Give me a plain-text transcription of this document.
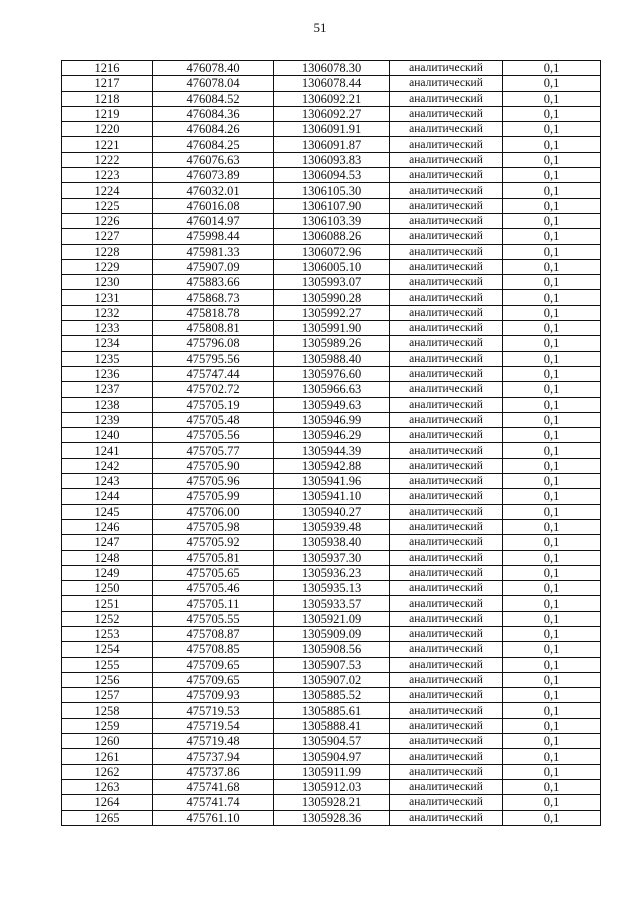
51
1216	476078.40	1306078.30	аналитический	0,1
1217	476078.04	1306078.44	аналитический	0,1
1218	476084.52	1306092.21	аналитический	0,1
1219	476084.36	1306092.27	аналитический	0,1
1220	476084.26	1306091.91	аналитический	0,1
1221	476084.25	1306091.87	аналитический	0,1
1222	476076.63	1306093.83	аналитический	0,1
1223	476073.89	1306094.53	аналитический	0,1
1224	476032.01	1306105.30	аналитический	0,1
1225	476016.08	1306107.90	аналитический	0,1
1226	476014.97	1306103.39	аналитический	0,1
1227	475998.44	1306088.26	аналитический	0,1
1228	475981.33	1306072.96	аналитический	0,1
1229	475907.09	1306005.10	аналитический	0,1
1230	475883.66	1305993.07	аналитический	0,1
1231	475868.73	1305990.28	аналитический	0,1
1232	475818.78	1305992.27	аналитический	0,1
1233	475808.81	1305991.90	аналитический	0,1
1234	475796.08	1305989.26	аналитический	0,1
1235	475795.56	1305988.40	аналитический	0,1
1236	475747.44	1305976.60	аналитический	0,1
1237	475702.72	1305966.63	аналитический	0,1
1238	475705.19	1305949.63	аналитический	0,1
1239	475705.48	1305946.99	аналитический	0,1
1240	475705.56	1305946.29	аналитический	0,1
1241	475705.77	1305944.39	аналитический	0,1
1242	475705.90	1305942.88	аналитический	0,1
1243	475705.96	1305941.96	аналитический	0,1
1244	475705.99	1305941.10	аналитический	0,1
1245	475706.00	1305940.27	аналитический	0,1
1246	475705.98	1305939.48	аналитический	0,1
1247	475705.92	1305938.40	аналитический	0,1
1248	475705.81	1305937.30	аналитический	0,1
1249	475705.65	1305936.23	аналитический	0,1
1250	475705.46	1305935.13	аналитический	0,1
1251	475705.11	1305933.57	аналитический	0,1
1252	475705.55	1305921.09	аналитический	0,1
1253	475708.87	1305909.09	аналитический	0,1
1254	475708.85	1305908.56	аналитический	0,1
1255	475709.65	1305907.53	аналитический	0,1
1256	475709.65	1305907.02	аналитический	0,1
1257	475709.93	1305885.52	аналитический	0,1
1258	475719.53	1305885.61	аналитический	0,1
1259	475719.54	1305888.41	аналитический	0,1
1260	475719.48	1305904.57	аналитический	0,1
1261	475737.94	1305904.97	аналитический	0,1
1262	475737.86	1305911.99	аналитический	0,1
1263	475741.68	1305912.03	аналитический	0,1
1264	475741.74	1305928.21	аналитический	0,1
1265	475761.10	1305928.36	аналитический	0,1
